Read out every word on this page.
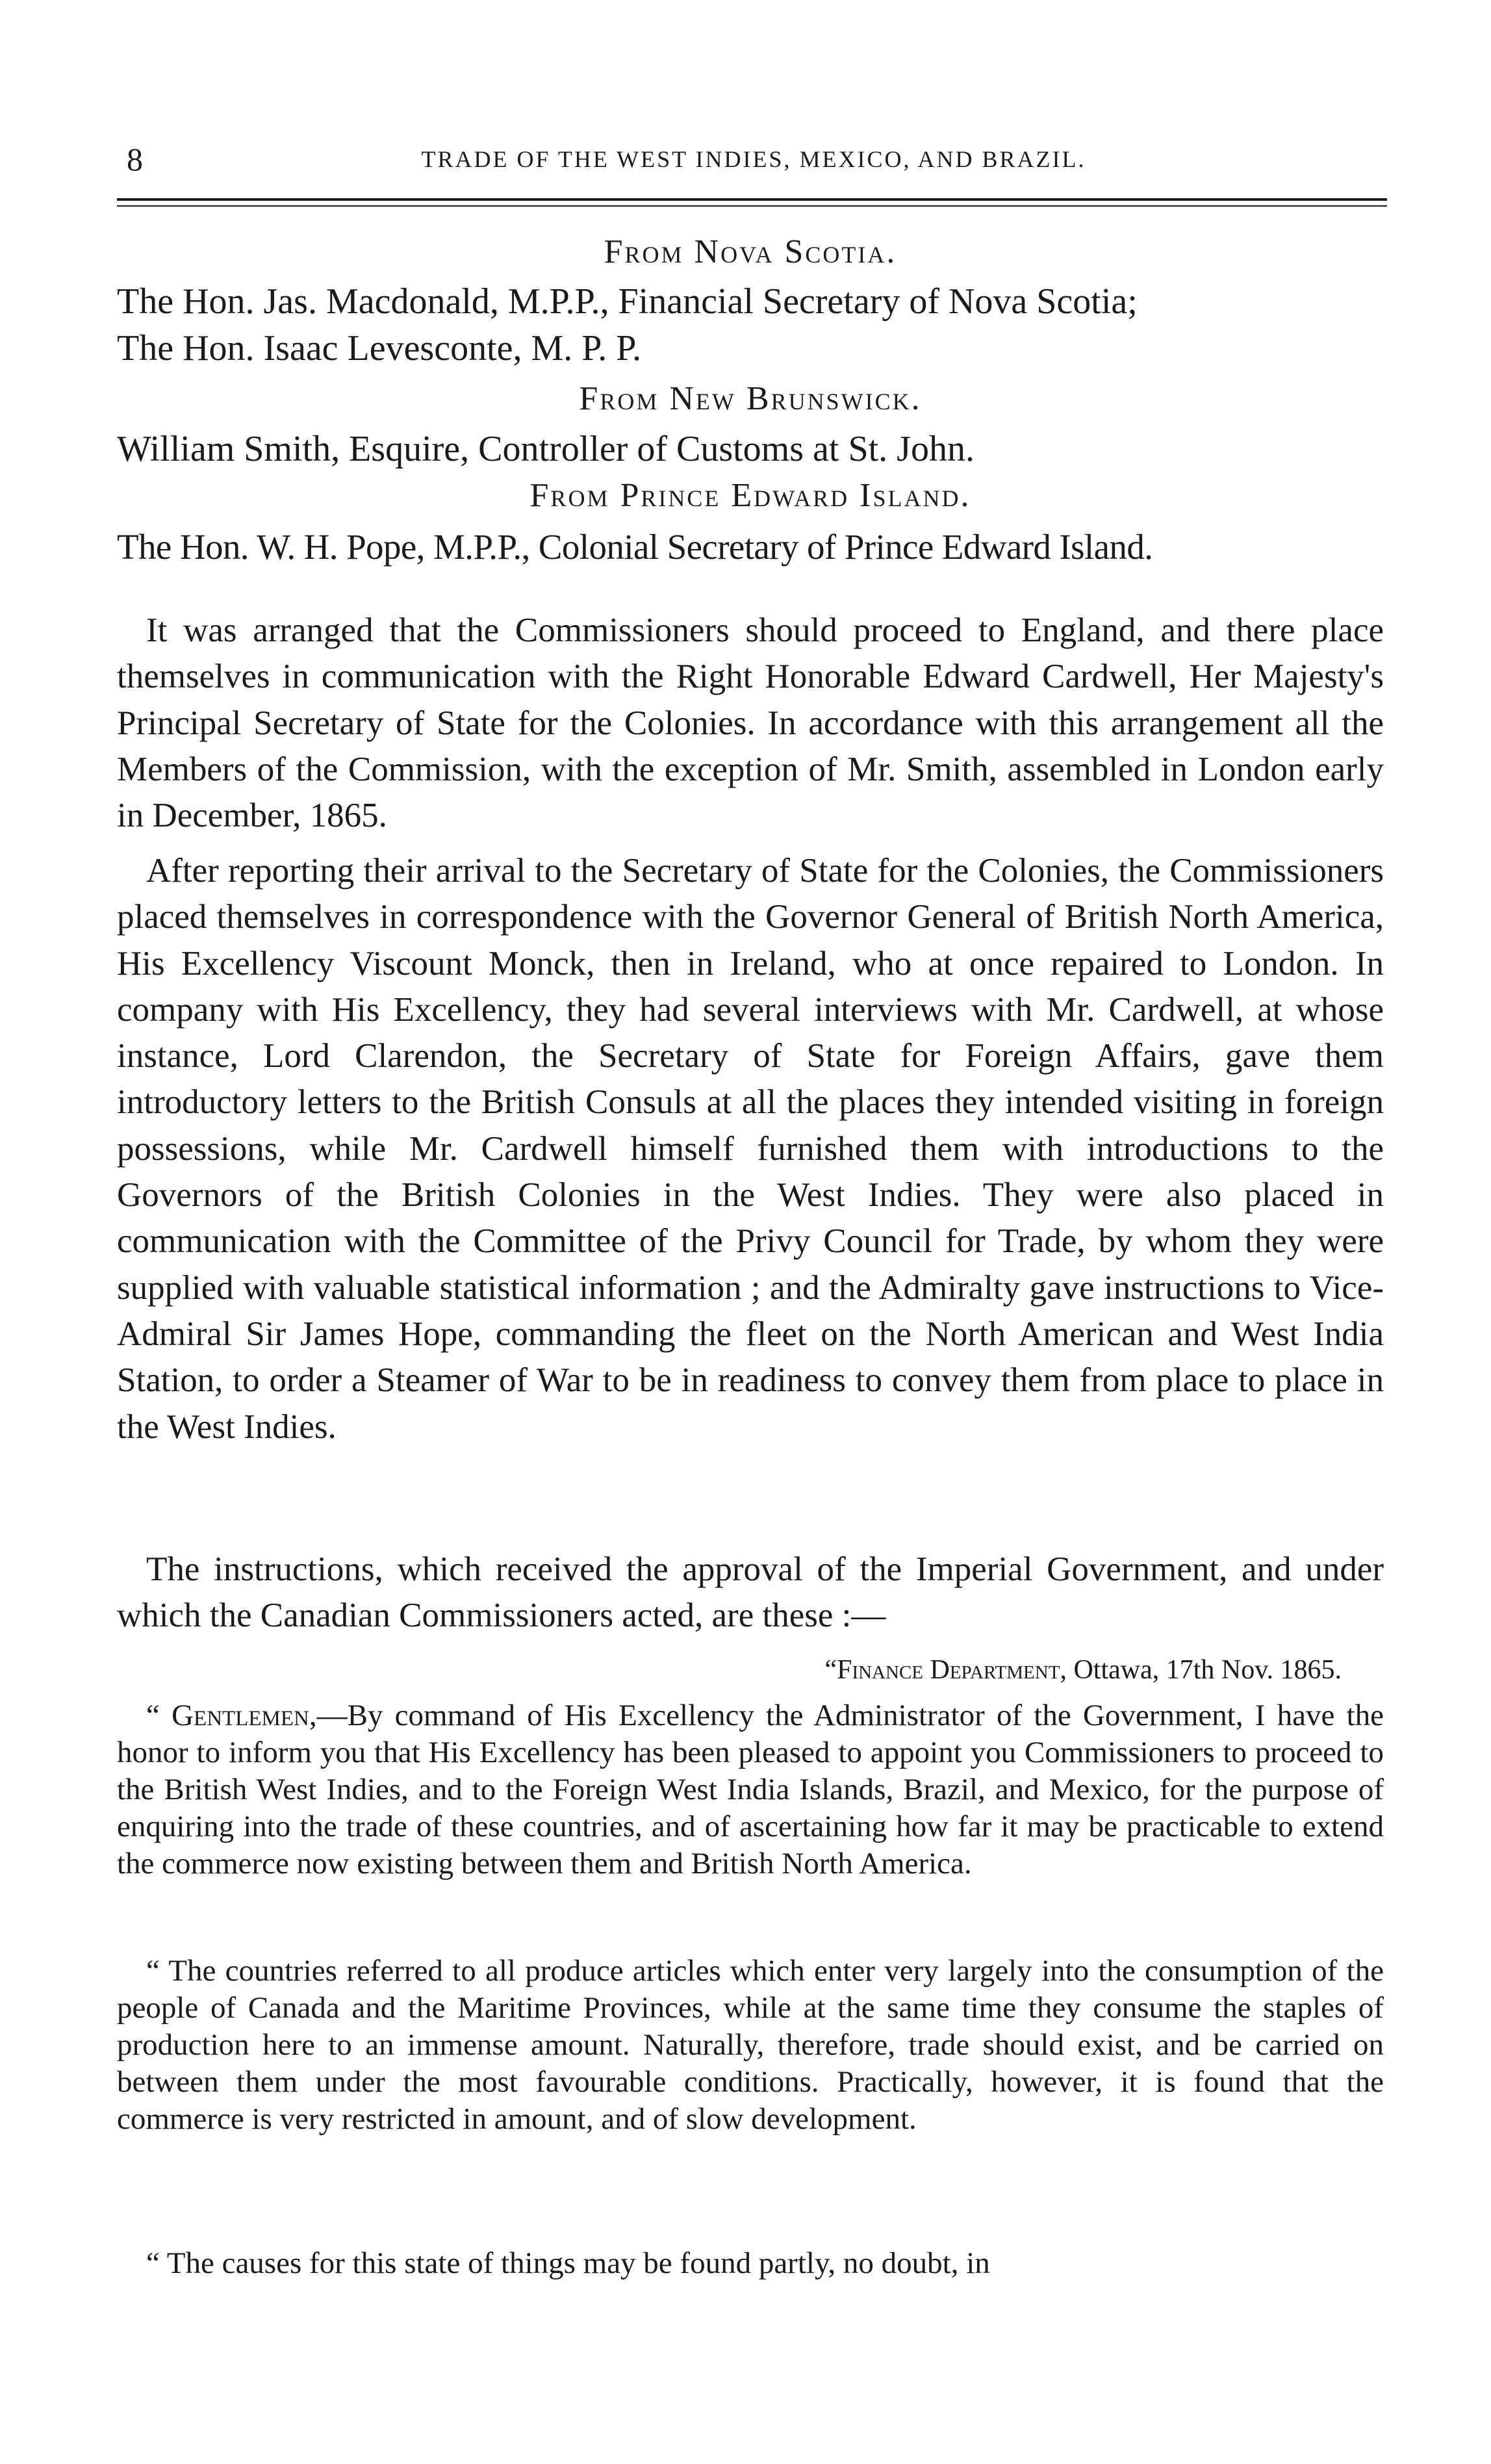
8	TRADE OF THE WEST INDIES, MEXICO, AND BRAZIL.
From Nova Scotia.
The Hon. Jas. Macdonald, M.P.P., Financial Secretary of Nova Scotia;
The Hon. Isaac Levesconte, M. P. P.
From New Brunswick.
William Smith, Esquire, Controller of Customs at St. John.
From Prince Edward Island.
The Hon. W. H. Pope, M.P.P., Colonial Secretary of Prince Edward Island.

It was arranged that the Commissioners should proceed to England, and there place themselves in communication with the Right Honorable Edward Cardwell, Her Majesty's Principal Secretary of State for the Colonies. In accordance with this arrangement all the Members of the Commission, with the exception of Mr. Smith, assembled in London early in December, 1865.

After reporting their arrival to the Secretary of State for the Colonies, the Commissioners placed themselves in correspondence with the Governor General of British North America, His Excellency Viscount Monck, then in Ireland, who at once repaired to London. In company with His Excellency, they had several interviews with Mr. Cardwell, at whose instance, Lord Clarendon, the Secretary of State for Foreign Affairs, gave them introductory letters to the British Consuls at all the places they intended visiting in foreign possessions, while Mr. Cardwell himself furnished them with introductions to the Governors of the British Colonies in the West Indies. They were also placed in communication with the Committee of the Privy Council for Trade, by whom they were supplied with valuable statistical information ; and the Admiralty gave instructions to Vice-Admiral Sir James Hope, commanding the fleet on the North American and West India Station, to order a Steamer of War to be in readiness to convey them from place to place in the West Indies.

The instructions, which received the approval of the Imperial Government, and under which the Canadian Commissioners acted, are these :—

“Finance Department, Ottawa, 17th Nov. 1865.

“ Gentlemen,—By command of His Excellency the Administrator of the Government, I have the honor to inform you that His Excellency has been pleased to appoint you Commissioners to proceed to the British West Indies, and to the Foreign West India Islands, Brazil, and Mexico, for the purpose of enquiring into the trade of these countries, and of ascertaining how far it may be practicable to extend the commerce now existing between them and British North America.

“ The countries referred to all produce articles which enter very largely into the consumption of the people of Canada and the Maritime Provinces, while at the same time they consume the staples of production here to an immense amount. Naturally, therefore, trade should exist, and be carried on between them under the most favourable conditions. Practically, however, it is found that the commerce is very restricted in amount, and of slow development.

“ The causes for this state of things may be found partly, no doubt, in
